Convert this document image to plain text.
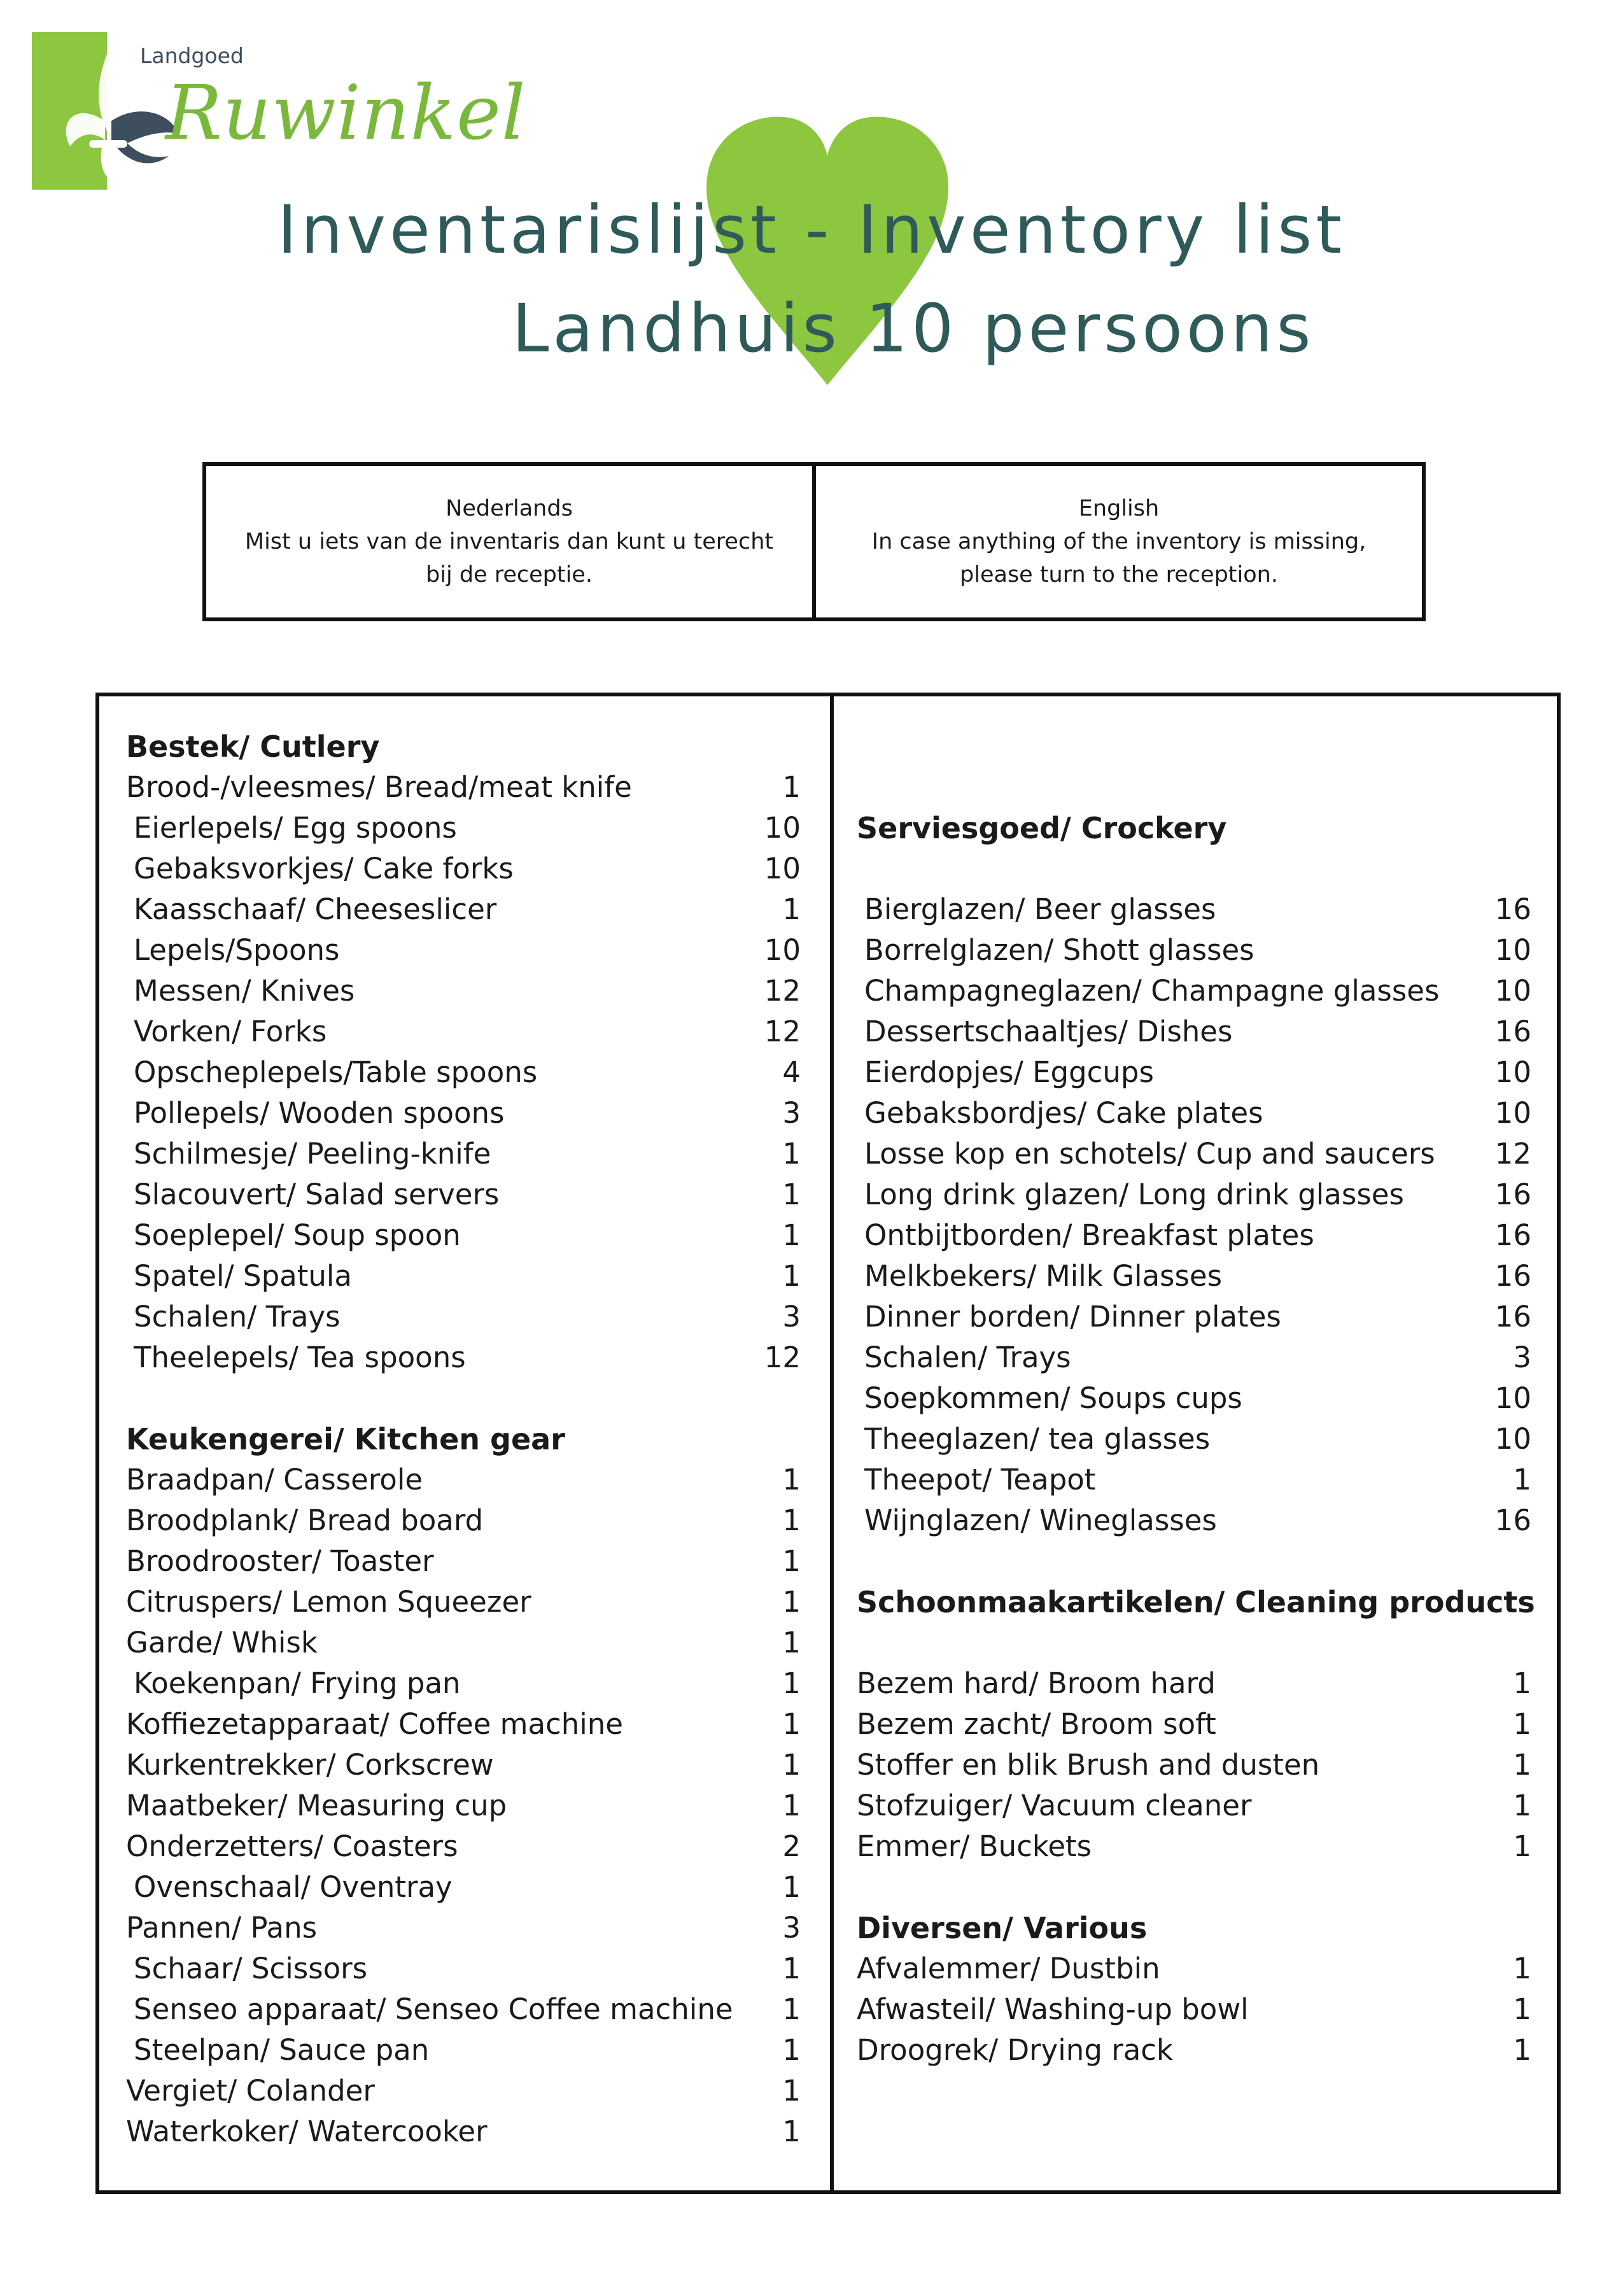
Landgoed
Ruwinkel
Inventarislijst - Inventory list
Landhuis 10 persoons
Nederlands
Mist u iets van de inventaris dan kunt u terecht
bij de receptie.
English
In case anything of the inventory is missing,
please turn to the reception.
Bestek/ Cutlery
Brood-/vleesmes/ Bread/meat knife	1
Eierlepels/ Egg spoons	10
Gebaksvorkjes/ Cake forks	10
Kaasschaaf/ Cheeseslicer	1
Lepels/Spoons	10
Messen/ Knives	12
Vorken/ Forks	12
Opscheplepels/Table spoons	4
Pollepels/ Wooden spoons	3
Schilmesje/ Peeling-knife	1
Slacouvert/ Salad servers	1
Soeplepel/ Soup spoon	1
Spatel/ Spatula	1
Schalen/ Trays	3
Theelepels/ Tea spoons	12
Keukengerei/ Kitchen gear
Braadpan/ Casserole	1
Broodplank/ Bread board	1
Broodrooster/ Toaster	1
Citruspers/ Lemon Squeezer	1
Garde/ Whisk	1
Koekenpan/ Frying pan	1
Koffiezetapparaat/ Coffee machine	1
Kurkentrekker/ Corkscrew	1
Maatbeker/ Measuring cup	1
Onderzetters/ Coasters	2
Ovenschaal/ Oventray	1
Pannen/ Pans	3
Schaar/ Scissors	1
Senseo apparaat/ Senseo Coffee machine 1
Steelpan/ Sauce pan	1
Vergiet/ Colander	1
Waterkoker/ Watercooker	1
Serviesgoed/ Crockery
Bierglazen/ Beer glasses	16
Borrelglazen/ Shott glasses	10
Champagneglazen/ Champagne glasses 10
Dessertschaaltjes/ Dishes	16
Eierdopjes/ Eggcups	10
Gebaksbordjes/ Cake plates	10
Losse kop en schotels/ Cup and saucers 12
Long drink glazen/ Long drink glasses	16
Ontbijtborden/ Breakfast plates	16
Melkbekers/ Milk Glasses	16
Dinner borden/ Dinner plates	16
Schalen/ Trays	3
Soepkommen/ Soups cups	10
Theeglazen/ tea glasses	10
Theepot/ Teapot	1
Wijnglazen/ Wineglasses	16
Schoonmaakartikelen/ Cleaning products
Bezem hard/ Broom hard	1
Bezem zacht/ Broom soft	1
Stoffer en blik Brush and dusten	1
Stofzuiger/ Vacuum cleaner	1
Emmer/ Buckets	1
Diversen/ Various
Afvalemmer/ Dustbin	1
Afwasteil/ Washing-up bowl	1
Droogrek/ Drying rack	1
